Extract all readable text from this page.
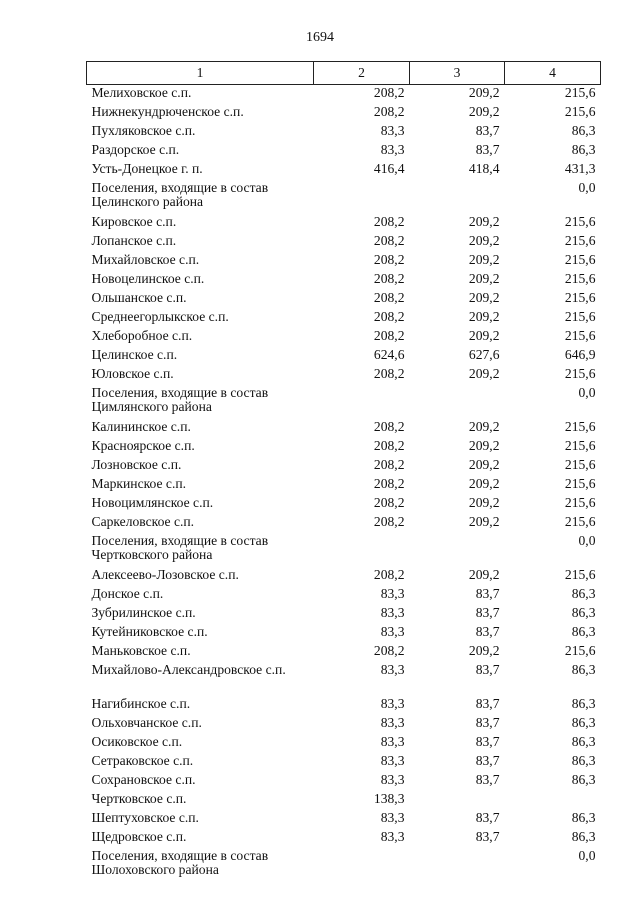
1694
1	2	3	4
Мелиховское с.п.	208,2	209,2	215,6
Нижнекундрюченское с.п.	208,2	209,2	215,6
Пухляковское с.п.	83,3	83,7	86,3
Раздорское с.п.	83,3	83,7	86,3
Усть-Донецкое г. п.	416,4	418,4	431,3
Поселения, входящие в состав Целинского района			0,0
Кировское с.п.	208,2	209,2	215,6
Лопанское с.п.	208,2	209,2	215,6
Михайловское с.п.	208,2	209,2	215,6
Новоцелинское с.п.	208,2	209,2	215,6
Ольшанское с.п.	208,2	209,2	215,6
Среднеегорлыкское с.п.	208,2	209,2	215,6
Хлеборобное с.п.	208,2	209,2	215,6
Целинское с.п.	624,6	627,6	646,9
Юловское с.п.	208,2	209,2	215,6
Поселения, входящие в состав Цимлянского района			0,0
Калининское с.п.	208,2	209,2	215,6
Красноярское с.п.	208,2	209,2	215,6
Лозновское с.п.	208,2	209,2	215,6
Маркинское с.п.	208,2	209,2	215,6
Новоцимлянское с.п.	208,2	209,2	215,6
Саркеловское с.п.	208,2	209,2	215,6
Поселения, входящие в состав Чертковского района			0,0
Алексеево-Лозовское с.п.	208,2	209,2	215,6
Донское с.п.	83,3	83,7	86,3
Зубрилинское с.п.	83,3	83,7	86,3
Кутейниковское с.п.	83,3	83,7	86,3
Маньковское с.п.	208,2	209,2	215,6
Михайлово-Александровское с.п.	83,3	83,7	86,3
Нагибинское с.п.	83,3	83,7	86,3
Ольховчанское с.п.	83,3	83,7	86,3
Осиковское с.п.	83,3	83,7	86,3
Сетраковское с.п.	83,3	83,7	86,3
Сохрановское с.п.	83,3	83,7	86,3
Чертковское с.п.	138,3		
Шептуховское с.п.	83,3	83,7	86,3
Щедровское с.п.	83,3	83,7	86,3
Поселения, входящие в состав Шолоховского района			0,0
